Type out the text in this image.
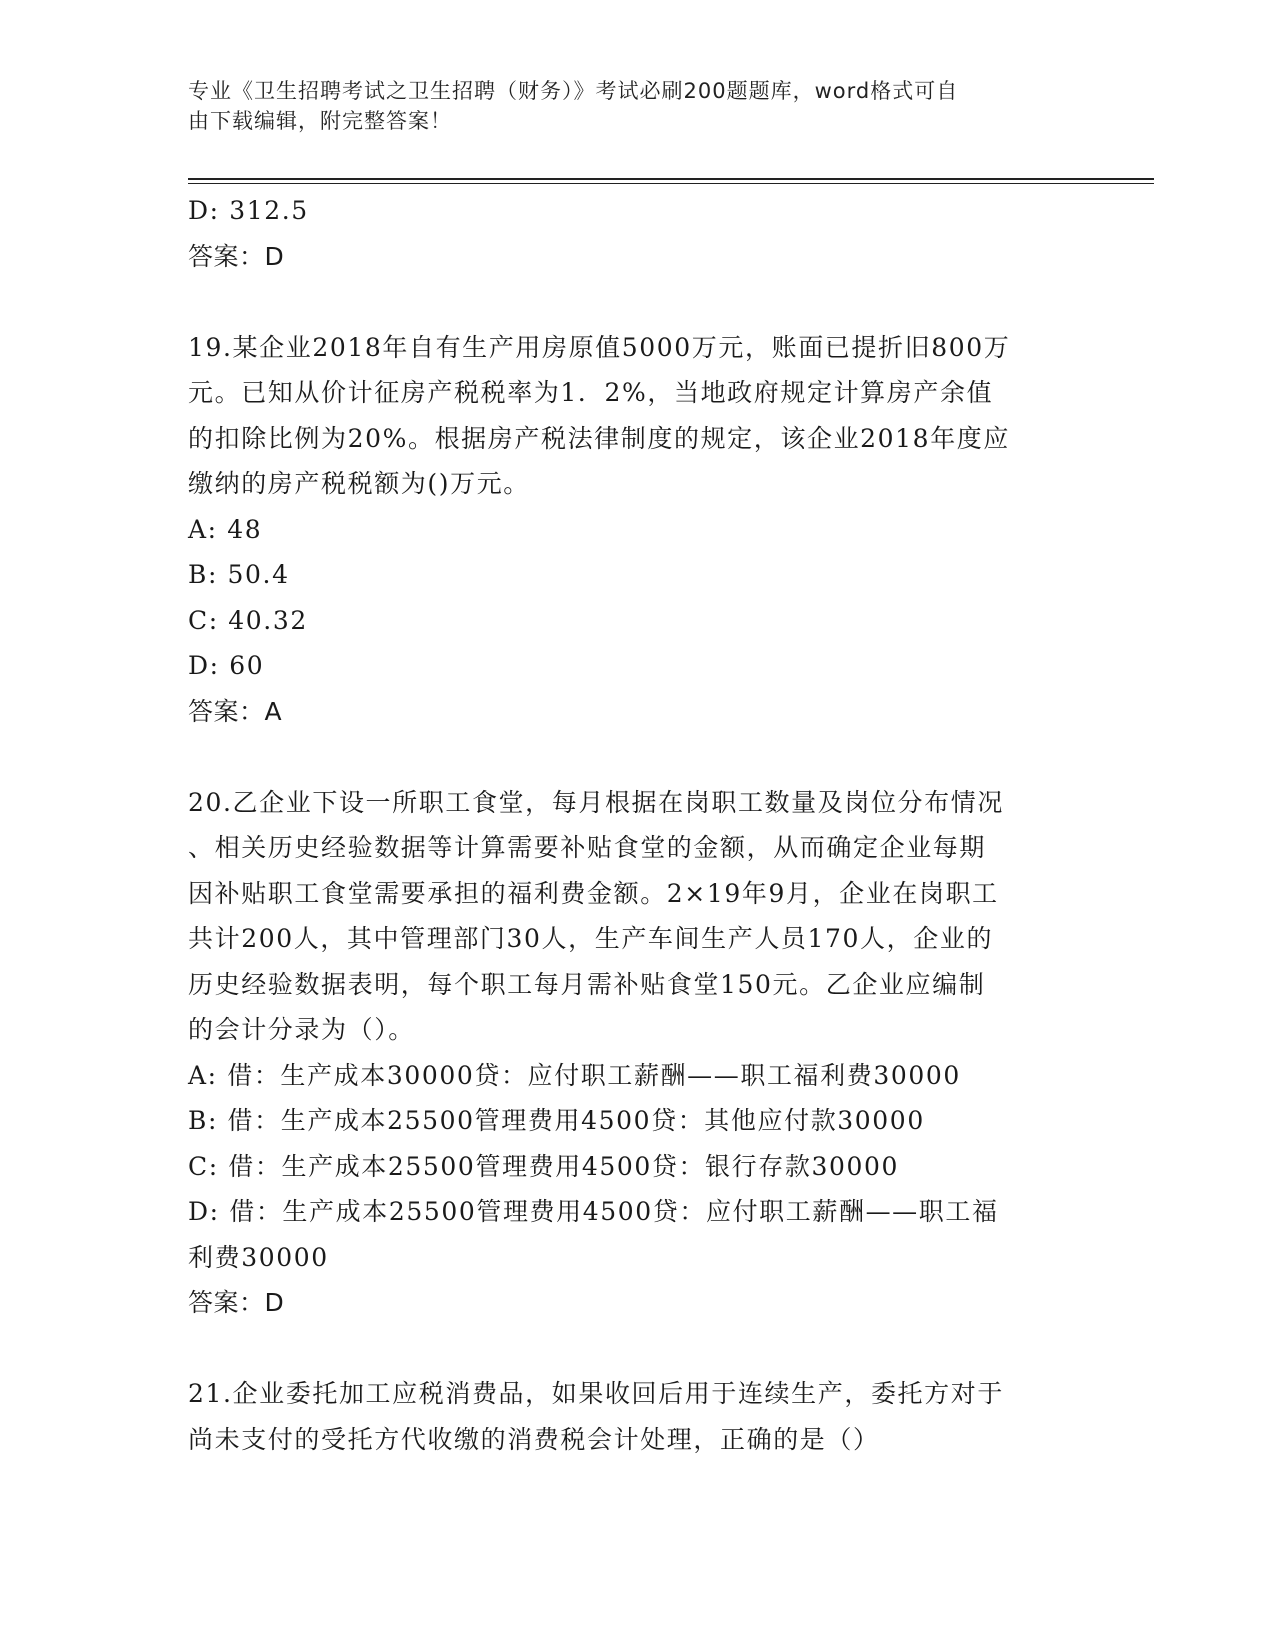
专业《卫生招聘考试之卫生招聘（财务）》考试必刷200题题库，word格式可自
由下载编辑，附完整答案！
D: 312.5
答案：D
19.某企业2018年自有生产用房原值5000万元，账面已提折旧800万
元。已知从价计征房产税税率为1．2%，当地政府规定计算房产余值
的扣除比例为20%。根据房产税法律制度的规定，该企业2018年度应
缴纳的房产税税额为()万元。
A: 48
B: 50.4
C: 40.32
D: 60
答案：A
20.乙企业下设一所职工食堂，每月根据在岗职工数量及岗位分布情况
、相关历史经验数据等计算需要补贴食堂的金额，从而确定企业每期
因补贴职工食堂需要承担的福利费金额。2×19年9月，企业在岗职工
共计200人，其中管理部门30人，生产车间生产人员170人，企业的
历史经验数据表明，每个职工每月需补贴食堂150元。乙企业应编制
的会计分录为（）。
A: 借：生产成本30000贷：应付职工薪酬——职工福利费30000
B: 借：生产成本25500管理费用4500贷：其他应付款30000
C: 借：生产成本25500管理费用4500贷：银行存款30000
D: 借：生产成本25500管理费用4500贷：应付职工薪酬——职工福
利费30000
答案：D
21.企业委托加工应税消费品，如果收回后用于连续生产，委托方对于
尚未支付的受托方代收缴的消费税会计处理，正确的是（）
